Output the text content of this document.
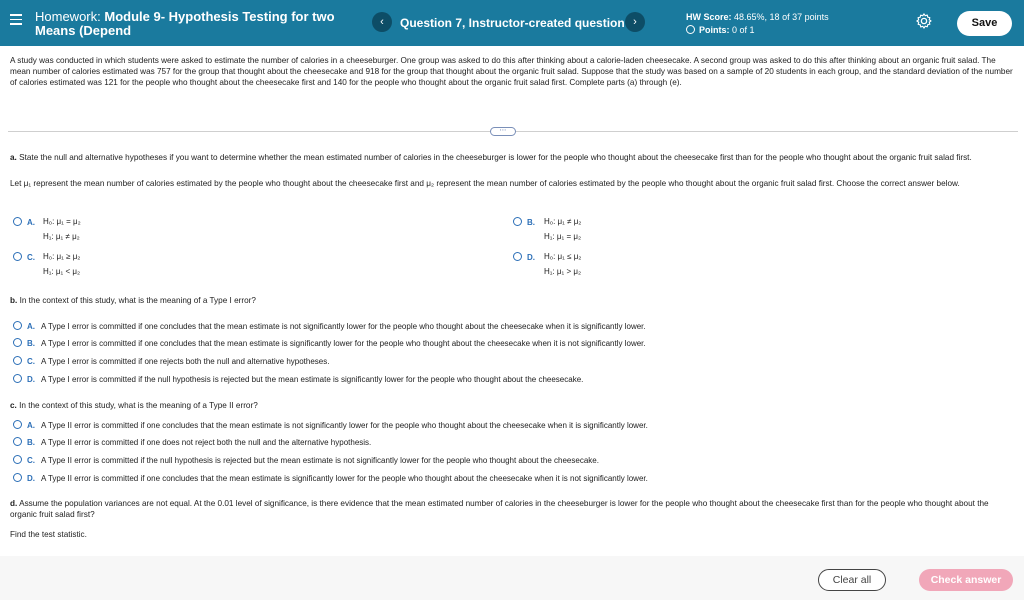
Homework: Module 9- Hypothesis Testing for two Means (Depend
‹	Question 7, Instructor-created question ›	HW Score: 48.65%, 18 of 37 points
Points: 0 of 1
Save

A study was conducted in which students were asked to estimate the number of calories in a cheeseburger. One group was asked to do this after thinking about a calorie-laden cheesecake. A second group was asked to do this after thinking about an organic fruit salad. The mean number of calories estimated was 757 for the group that thought about the cheesecake and 918 for the group that thought about the organic fruit salad. Suppose that the study was based on a sample of 20 students in each group, and the standard deviation of the number of calories estimated was 121 for the people who thought about the cheesecake first and 140 for the people who thought about the organic fruit salad first. Complete parts (a) through (e).

⋯
a. State the null and alternative hypotheses if you want to determine whether the mean estimated number of calories in the cheeseburger is lower for the people who thought about the cheesecake first than for the people who thought about the organic fruit salad first.
Let μ₁ represent the mean number of calories estimated by the people who thought about the cheesecake first and μ₂ represent the mean number of calories estimated by the people who thought about the organic fruit salad first. Choose the correct answer below.
A.	H₀: μ₁ = μ₂
H₁: μ₁ ≠ μ₂
B.	H₀: μ₁ ≠ μ₂
H₁: μ₁ = μ₂
C.	H₀: μ₁ ≥ μ₂
H₁: μ₁ < μ₂
D.	H₀: μ₁ ≤ μ₂
H₁: μ₁ > μ₂
b. In the context of this study, what is the meaning of a Type I error?
A. A Type I error is committed if one concludes that the mean estimate is not significantly lower for the people who thought about the cheesecake when it is significantly lower.
B. A Type I error is committed if one concludes that the mean estimate is significantly lower for the people who thought about the cheesecake when it is not significantly lower.
C. A Type I error is committed if one rejects both the null and alternative hypotheses.
D. A Type I error is committed if the null hypothesis is rejected but the mean estimate is significantly lower for the people who thought about the cheesecake.
c. In the context of this study, what is the meaning of a Type II error?
A. A Type II error is committed if one concludes that the mean estimate is not significantly lower for the people who thought about the cheesecake when it is significantly lower.
B. A Type II error is committed if one does not reject both the null and the alternative hypothesis.
C. A Type II error is committed if the null hypothesis is rejected but the mean estimate is not significantly lower for the people who thought about the cheesecake.
D. A Type II error is committed if one concludes that the mean estimate is significantly lower for the people who thought about the cheesecake when it is not significantly lower.
d. Assume the population variances are not equal. At the 0.01 level of significance, is there evidence that the mean estimated number of calories in the cheeseburger is lower for the people who thought about the cheesecake first than for the people who thought about the organic fruit salad first?
Find the test statistic.
Clear all	Check answer
